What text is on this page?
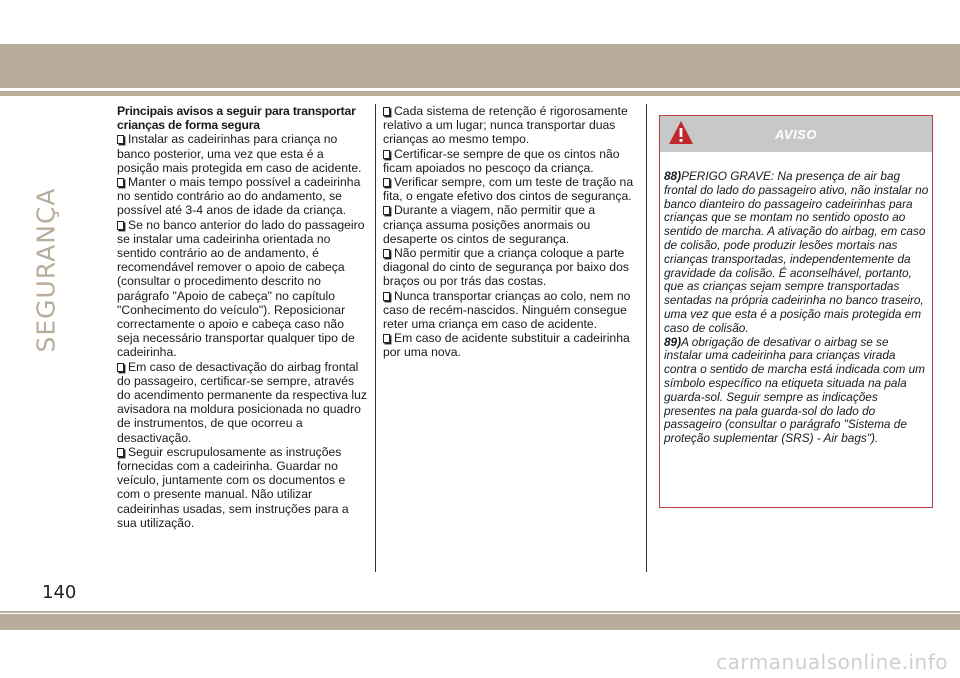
SEGURANÇA
Principais avisos a seguir para transportar crianças de forma segura

Instalar as cadeirinhas para criança no banco posterior, uma vez que esta é a posição mais protegida em caso de acidente.

Manter o mais tempo possível a cadeirinha no sentido contrário ao do andamento, se possível até 3-4 anos de idade da criança.

Se no banco anterior do lado do passageiro se instalar uma cadeirinha orientada no sentido contrário ao de andamento, é recomendável remover o apoio de cabeça (consultar o procedimento descrito no parágrafo "Apoio de cabeça" no capítulo "Conhecimento do veículo"). Reposicionar correctamente o apoio e cabeça caso não seja necessário transportar qualquer tipo de cadeirinha.

Em caso de desactivação do airbag frontal do passageiro, certificar-se sempre, através do acendimento permanente da respectiva luz avisadora na moldura posicionada no quadro de instrumentos, de que ocorreu a desactivação.

Seguir escrupulosamente as instruções fornecidas com a cadeirinha. Guardar no veículo, juntamente com os documentos e com o presente manual. Não utilizar cadeirinhas usadas, sem instruções para a sua utilização.

Cada sistema de retenção é rigorosamente relativo a um lugar; nunca transportar duas crianças ao mesmo tempo.

Certificar-se sempre de que os cintos não ficam apoiados no pescoço da criança.

Verificar sempre, com um teste de tração na fita, o engate efetivo dos cintos de segurança.

Durante a viagem, não permitir que a criança assuma posições anormais ou desaperte os cintos de segurança.

Não permitir que a criança coloque a parte diagonal do cinto de segurança por baixo dos braços ou por trás das costas.

Nunca transportar crianças ao colo, nem no caso de recém-nascidos. Ninguém consegue reter uma criança em caso de acidente.

Em caso de acidente substituir a cadeirinha por uma nova.

AVISO

88)PERIGO GRAVE: Na presença de air bag frontal do lado do passageiro ativo, não instalar no banco dianteiro do passageiro cadeirinhas para crianças que se montam no sentido oposto ao sentido de marcha. A ativação do airbag, em caso de colisão, pode produzir lesões mortais nas crianças transportadas, independentemente da gravidade da colisão. É aconselhável, portanto, que as crianças sejam sempre transportadas sentadas na própria cadeirinha no banco traseiro, uma vez que esta é a posição mais protegida em caso de colisão.

89)A obrigação de desativar o airbag se se instalar uma cadeirinha para crianças virada contra o sentido de marcha está indicada com um símbolo específico na etiqueta situada na pala guarda-sol. Seguir sempre as indicações presentes na pala guarda-sol do lado do passageiro (consultar o parágrafo "Sistema de proteção suplementar (SRS) - Air bags").

140
carmanualsonline.info
